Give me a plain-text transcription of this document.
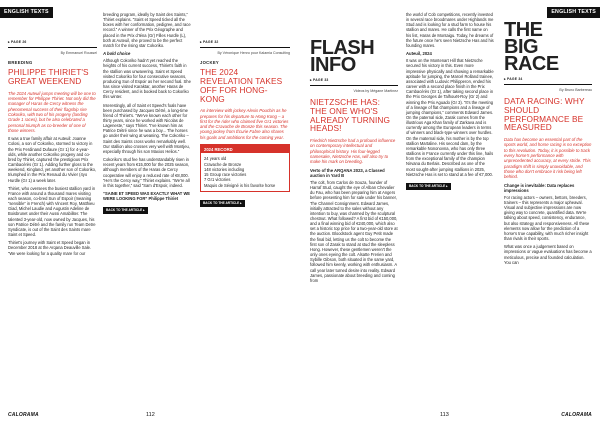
ENGLISH TEXTS
▸ PAGE 26
By Emmanuel Roussel
BREEDING
PHILIPPE THIRIET'S GREAT WEEKEND

The 2024 Auteuil jumps meeting will be one to remember for Philippe Thiriet. Not only did the manager of Haras de Cercy witness the phenomenal success of their flagship sire Cokoriko, with two of his progeny (landing Grade 1 races), but he also celebrated a personal triumph as co-breeder of one of those winners.

It was a true family affair at Auteuil: Joanne Colosi, a son of Cokoriko, stormed to victory in the Prix Ferdinand Dufaure (Gr 1) for 4-year-olds, while another Cokoriko progeny and co-bred by Thiriet, captured the prestigious Prix Cambacérès (Gr 1). Adding further gloss to the weekend, Kingland, yet another son of Cokoriko, triumphed in the Prix Renaud du Vivier (4yo Hurdle (Gr 1) a week later.

Thiriet, who oversees the busiest stallion yard in France with around a thousand mares visiting each season, co-bred Sun of Espoir (meaning “sensible” in French) with Vincent Roy, Matthieu Giad, Michel Laudie and Augustin Adeline de Boisbrunet under their Aussi Amabiliter. The talented 3-year-old, now owned by Jacques, his son Patrice Détré and the family run Team Detre Syndicate, is out of the Saint des Saints mare Saint et Speed.

Thiriet's journey with Saint et Speed began in December 2018 at the Arqana Deauville Sale. “We were looking for a quality mare for our

breeding program, ideally by Saint des Saints,” Thiriet explains. “Saint et Speed ticked all the boxes with her conformation, pedigree, and race record.” A winner of the Prix Géographe and placed in the Prix d'Iéna (Gr) Filles Hurdle (L), both at Auteuil, she proved to be the perfect match for the rising star Cokoriko.

A bold choice

Although Cokoriko hadn't yet reached the heights of his current success, Thiriet's faith in the stallion was unwavering. Saint et Speed visited Cokoriko for four consecutive seasons, producing Sun of Espoir as her second foal. She has since visited Karaktar, another Haras de Cercy resident, and is booked back to Cokoriko this winter.

Interestingly, all of Saint et Speed's foals have been purchased by Jacques Détré, a long-time friend of Thiriet's. “We've known each other for thirty years, since he worked with Nicolas de Lageneste,” says Thiriet. “I've known him as Patrice Détré since he was a boy... The horses go under their wing at weaning. The Cokoriko – Saint des Saints cross works remarkably well. Our stallion also crosses very well with Montjeu, especially through his son Maxios Helios.”

Cokoriko's stud fee has understandably risen in recent years from €15,000 for the 2025 season, although members of the Haras de Cercy cooperative will enjoy a reduced rate of €8,000. “He's the Cercy way,” Thiriet explains. “We're all in this together,” said “Sam d'Espoir, indeed.

“SAINE ET SPEED WAS EXACTLY WHAT WE WERE LOOKING FOR” Philippe Thiriet
BACK TO THE ARTICLE ▸
▸ PAGE 32
By Véronique Henro pour Kalamia Consulting
JOCKEY
THE 2024 REVELATION TAKES OFF FOR HONG-KONG

An interview with jockey Alexis Pouchin as he prepares for his departure to Hong Kong – a first for the rider who claimed five Gr1 victories and the Cravache de Bronze this season. The young jockey from Écurie Fabre also shares his goals and ambitions for the coming year.

2024 RECORD
24 years old
Cravache de Bronze
148 victories including
15 Group race victories
7 Gr1 victories
Maquis de Sévigné is his favorite horse
BACK TO THE ARTICLE ▸
CALORAMA	112
ENGLISH TEXTS
FLASH
INFO
▸ PAGE 33
Videos by Mégane Martinez
NIETZSCHE HAS: THE ONE WHO'S ALREADY TURNING HEADS!

Friedrich Nietzsche had a profound influence on contemporary intellectual and philosophical history. His four-legged namesake, Nietzsche Has, will also try to make his mark on breeding.

Verto of the ARQANA 2023, a Classed auction in Yard B

The colt, from Carlos de Souza, founder of Harraf Stud, caught the eye of Alban Chevalier du Fau, who has been preparing him at Angers before presenting him for sale under his banner, The Channel Consignment. Edward James, initially attracted to the sales without any intention to buy, was charmed by the sculptural chestnut. What followed? A first bid of €150,000, and a final winning bid of €240,000, which also set a historic top price for a two-year-old store at the auction. Bloodstock agent Guy Petit made the final bid, letting us the colt to become the first son of Zarak to stand at stud the sleepless Hong. However, these gentlemen weren't the only ones eyeing the colt. Alsatte Frerien and Sybille Gibson, both situated in the same yard, followed him keenly, working with enthusiasm. A call year later turned desire into reality. Edward James, passionate about breeding and coming from

the world of Cob competitions, recently invested in several race broodmares under Highlands me Stud and is looking for a stud farm to house his stallion and mares. He calls the first name on his list, Haras de Montaigu. Today, he dreams of the future once he's seen Nietzsche Has and his founding mares.

Auteuil, 2024

It was on the Montenart Hill that Nietzsche secured his victory in this. Even more impressive physically and showing a remarkable aptitude for jumping, the Marcel Rolland trainee, associated with Ludovic Philipperon, ended his career with a second place finish in the Prix Cambacérès (Gr 1), after taking second place in the Prix Georges de Talhouët-Roy (Gr 2) and winning the Prix Aguado (Gr 3). “It's the meeting of a lineage of flat champions and a lineage of jumping champions,” comments Edward James. On the paternal side, Zarak comes from the illustrious Aga Khan family of Zarkava and is currently among the European leaders in terms of winners and black-type winners over hurdles. On the maternal side, his mother is by the top stallion Martaline. His second dam, by the remarkable Nononovna, who has only three stallions in France currently under this line, hails from the exceptional family of the champion Nirvana du Berlais. Described as one of the most sought-after jumping stallions in 2025, Nietzsche Has is set to stand at a fee of €7,000.

BACK TO THE ARTICLE ▸
THE
BIG
RACE
▸ PAGE 34
By Bruno Barbereau
DATA RACING: WHY SHOULD PERFORMANCE BE MEASURED

Data has become an essential part of the sports world, and horse racing is no exception to this revolution. Today, it is possible to track every horse's performance with unprecedented accuracy, at every stride. This paradigm shift is simply unavoidable, and those who don't embrace it risk being left behind.

Change is inevitable: Data replaces impressions

For racing actors – owners, bettors, breeders, trainers – this represents a major upheaval. Visual and subjective impressions are now giving way to concrete, quantified data. We're talking about speed, consistency, endurance, but also strategy and responsiveness. All these elements now allow for the prediction of a horse's true capability, with much richer insight than rivals in their sports.

What was once a judgement based on impressions or vague evaluations has become a meticulous, precise and founded calculation. You can

113	CALORAMA
